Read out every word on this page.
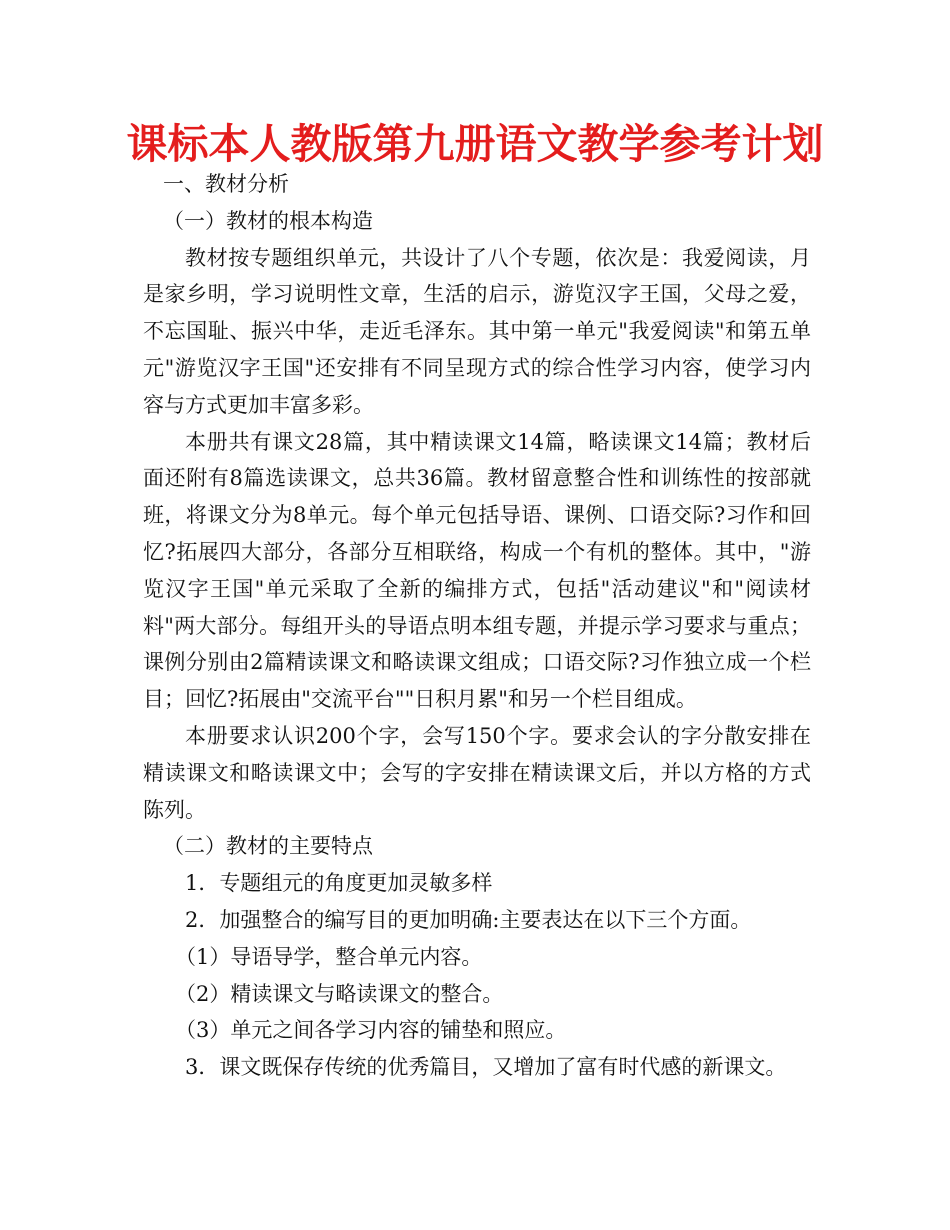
课标本人教版第九册语文教学参考计划

一、教材分析

（一）教材的根本构造

教材按专题组织单元，共设计了八个专题，依次是：我爱阅读，月是家乡明，学习说明性文章，生活的启示，游览汉字王国，父母之爱，不忘国耻、振兴中华，走近毛泽东。其中第一单元"我爱阅读"和第五单元"游览汉字王国"还安排有不同呈现方式的综合性学习内容，使学习内容与方式更加丰富多彩。

本册共有课文28篇，其中精读课文14篇，略读课文14篇；教材后面还附有8篇选读课文，总共36篇。教材留意整合性和训练性的按部就班，将课文分为8单元。每个单元包括导语、课例、口语交际?习作和回忆?拓展四大部分，各部分互相联络，构成一个有机的整体。其中，"游览汉字王国"单元采取了全新的编排方式，包括"活动建议"和"阅读材料"两大部分。每组开头的导语点明本组专题，并提示学习要求与重点；课例分别由2篇精读课文和略读课文组成；口语交际?习作独立成一个栏目；回忆?拓展由"交流平台""日积月累"和另一个栏目组成。

本册要求认识200个字，会写150个字。要求会认的字分散安排在精读课文和略读课文中；会写的字安排在精读课文后，并以方格的方式陈列。

（二）教材的主要特点

1．专题组元的角度更加灵敏多样

2．加强整合的编写目的更加明确:主要表达在以下三个方面。

（1）导语导学，整合单元内容。

（2）精读课文与略读课文的整合。

（3）单元之间各学习内容的铺垫和照应。

3．课文既保存传统的优秀篇目，又增加了富有时代感的新课文。
